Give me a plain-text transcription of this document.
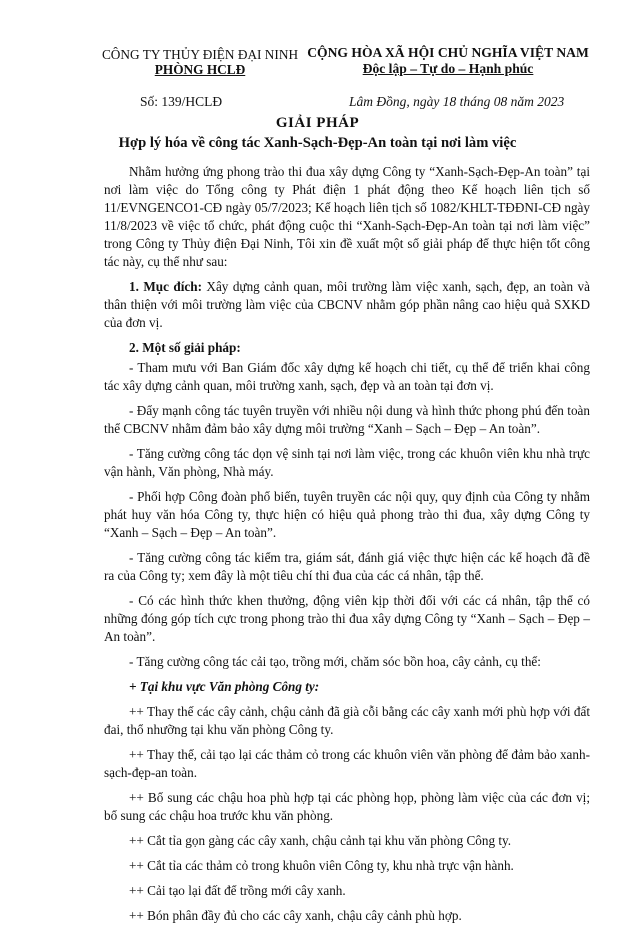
CÔNG TY THỦY ĐIỆN ĐẠI NINH
PHÒNG HCLĐ
CỘNG HÒA XÃ HỘI CHỦ NGHĨA VIỆT NAM
Độc lập – Tự do – Hạnh phúc
Số: 139/HCLĐ	Lâm Đồng, ngày 18 tháng 08 năm 2023
GIẢI PHÁP
Hợp lý hóa về công tác Xanh-Sạch-Đẹp-An toàn tại nơi làm việc

Nhằm hưởng ứng phong trào thi đua xây dựng Công ty “Xanh-Sạch-Đẹp-An toàn” tại nơi làm việc do Tổng công ty Phát điện 1 phát động theo Kế hoạch liên tịch số 11/EVNGENCO1-CĐ ngày 05/7/2023; Kế hoạch liên tịch số 1082/KHLT-TĐĐNI-CĐ ngày 11/8/2023 về việc tổ chức, phát động cuộc thi “Xanh-Sạch-Đẹp-An toàn tại nơi làm việc” trong Công ty Thủy điện Đại Ninh, Tôi xin đề xuất một số giải pháp để thực hiện tốt công tác này, cụ thể như sau:

1. Mục đích: Xây dựng cảnh quan, môi trường làm việc xanh, sạch, đẹp, an toàn và thân thiện với môi trường làm việc của CBCNV nhằm góp phần nâng cao hiệu quả SXKD của đơn vị.

2. Một số giải pháp:

- Tham mưu với Ban Giám đốc xây dựng kế hoạch chi tiết, cụ thể để triển khai công tác xây dựng cảnh quan, môi trường xanh, sạch, đẹp và an toàn tại đơn vị.

- Đẩy mạnh công tác tuyên truyền với nhiều nội dung và hình thức phong phú đến toàn thể CBCNV nhằm đảm bảo xây dựng môi trường “Xanh – Sạch – Đẹp – An toàn”.

- Tăng cường công tác dọn vệ sinh tại nơi làm việc, trong các khuôn viên khu nhà trực vận hành, Văn phòng, Nhà máy.

- Phối hợp Công đoàn phổ biến, tuyên truyền các nội quy, quy định của Công ty nhằm phát huy văn hóa Công ty, thực hiện có hiệu quả phong trào thi đua, xây dựng Công ty “Xanh – Sạch – Đẹp – An toàn”.

- Tăng cường công tác kiểm tra, giám sát, đánh giá việc thực hiện các kế hoạch đã đề ra của Công ty; xem đây là một tiêu chí thi đua của các cá nhân, tập thể.

- Có các hình thức khen thưởng, động viên kịp thời đối với các cá nhân, tập thể có những đóng góp tích cực trong phong trào thi đua xây dựng Công ty “Xanh – Sạch – Đẹp – An toàn”.

- Tăng cường công tác cải tạo, trồng mới, chăm sóc bồn hoa, cây cảnh, cụ thể:

+ Tại khu vực Văn phòng Công ty:

++ Thay thế các cây cảnh, chậu cảnh đã già cỗi bằng các cây xanh mới phù hợp với đất đai, thổ nhưỡng tại khu văn phòng Công ty.

++ Thay thế, cải tạo lại các thảm cỏ trong các khuôn viên văn phòng để đảm bảo xanh-sạch-đẹp-an toàn.

++ Bổ sung các chậu hoa phù hợp tại các phòng họp, phòng làm việc của các đơn vị; bổ sung các chậu hoa trước khu văn phòng.

++ Cắt tỉa gọn gàng các cây xanh, chậu cảnh tại khu văn phòng Công ty.

++ Cắt tỉa các thảm cỏ trong khuôn viên Công ty, khu nhà trực vận hành.

++ Cải tạo lại đất để trồng mới cây xanh.

++ Bón phân đầy đủ cho các cây xanh, chậu cây cảnh phù hợp.
